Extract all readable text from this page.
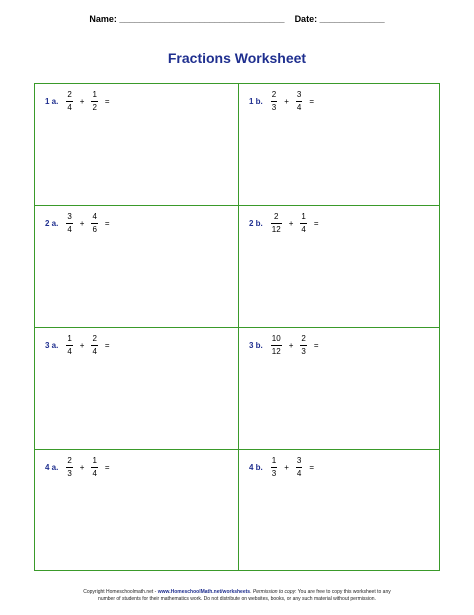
Name: _________________________________ Date: _____________
Fractions Worksheet
1 a. $\frac{2}{4} + \frac{1}{2}$ =	1 b. $\frac{2}{3} + \frac{3}{4}$ =
2 a. $\frac{3}{4} + \frac{4}{6}$ =	2 b. $\frac{2}{12} + \frac{1}{4}$ =
3 a. $\frac{1}{4} + \frac{2}{4}$ =	3 b. $\frac{10}{12} + \frac{2}{3}$ =
4 a. $\frac{2}{3} + \frac{1}{4}$ =	4 b. $\frac{1}{3} + \frac{3}{4}$ =
Copyright Homeschoolmath.net - www.HomeschoolMath.net/worksheets. Permission to copy: You are free to copy this worksheet to any
number of students for their mathematics work. Do not distribute on websites, books, or any such material without permission.
